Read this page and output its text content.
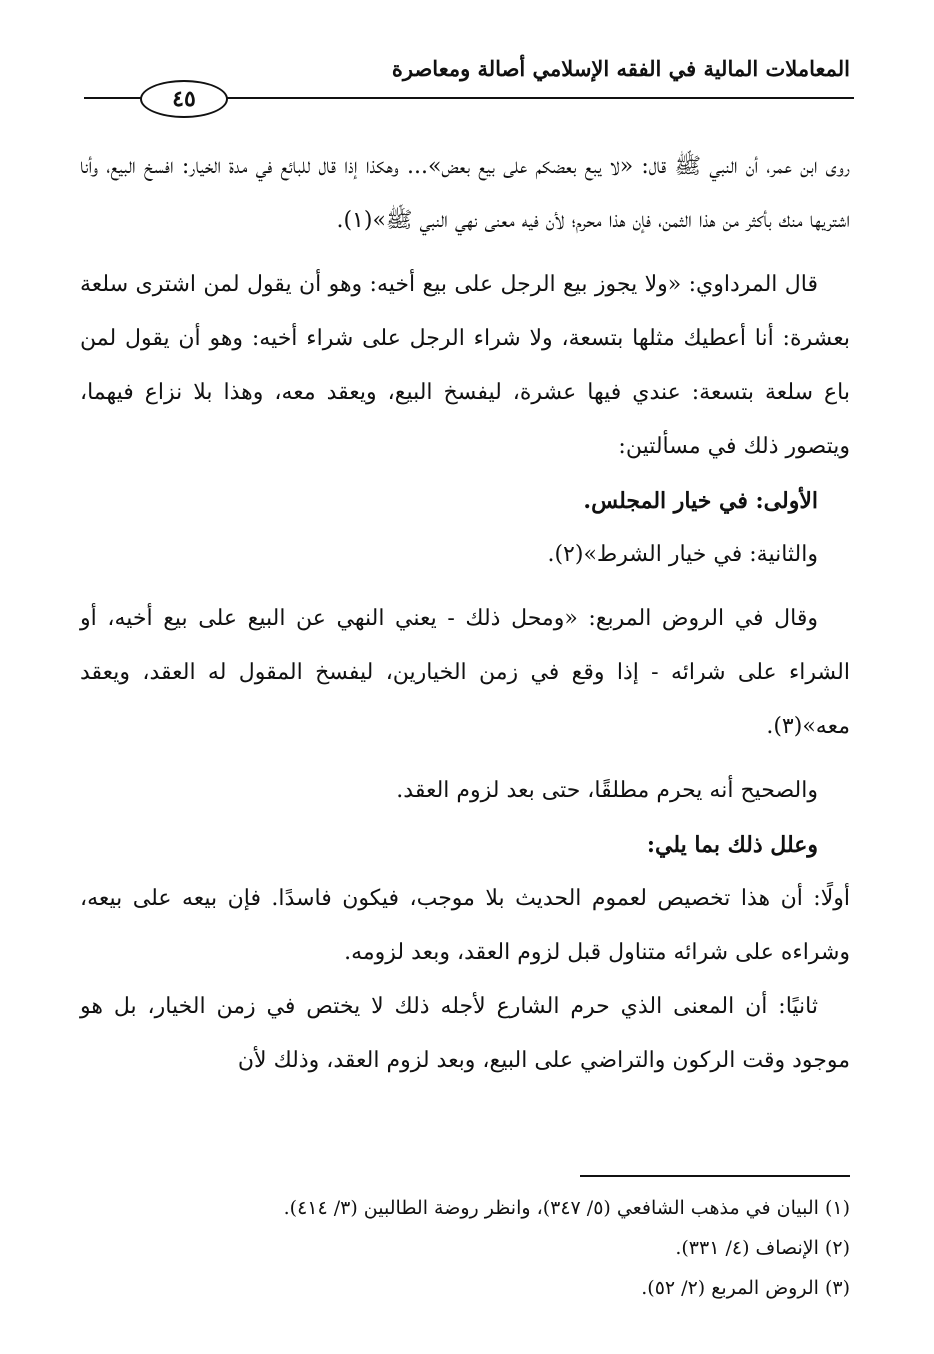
المعاملات المالية في الفقه الإسلامي أصالة ومعاصرة
٤٥

روى ابن عمر، أن النبي ﷺ قال: «لا يبع بعضكم على بيع بعض»... وهكذا إذا قال للبائع في مدة الخيار: افسخ البيع، وأنا اشتريها منك بأكثر من هذا الثمن، فإن هذا محرم؛ لأن فيه معنى نهي النبي ﷺ»(١).

قال المرداوي: «ولا يجوز بيع الرجل على بيع أخيه: وهو أن يقول لمن اشترى سلعة بعشرة: أنا أعطيك مثلها بتسعة، ولا شراء الرجل على شراء أخيه: وهو أن يقول لمن باع سلعة بتسعة: عندي فيها عشرة، ليفسخ البيع، ويعقد معه، وهذا بلا نزاع فيهما، ويتصور ذلك في مسألتين:

الأولى: في خيار المجلس.

والثانية: في خيار الشرط»(٢).

وقال في الروض المربع: «ومحل ذلك - يعني النهي عن البيع على بيع أخيه، أو الشراء على شرائه - إذا وقع في زمن الخيارين، ليفسخ المقول له العقد، ويعقد معه»(٣).

والصحيح أنه يحرم مطلقًا، حتى بعد لزوم العقد.

وعلل ذلك بما يلي:

أولًا: أن هذا تخصيص لعموم الحديث بلا موجب، فيكون فاسدًا. فإن بيعه على بيعه، وشراءه على شرائه متناول قبل لزوم العقد، وبعد لزومه.

ثانيًا: أن المعنى الذي حرم الشارع لأجله ذلك لا يختص في زمن الخيار، بل هو موجود وقت الركون والتراضي على البيع، وبعد لزوم العقد، وذلك لأن

(١) البيان في مذهب الشافعي (٥/ ٣٤٧)، وانظر روضة الطالبين (٣/ ٤١٤).

(٢) الإنصاف (٤/ ٣٣١).

(٣) الروض المربع (٢/ ٥٢).
